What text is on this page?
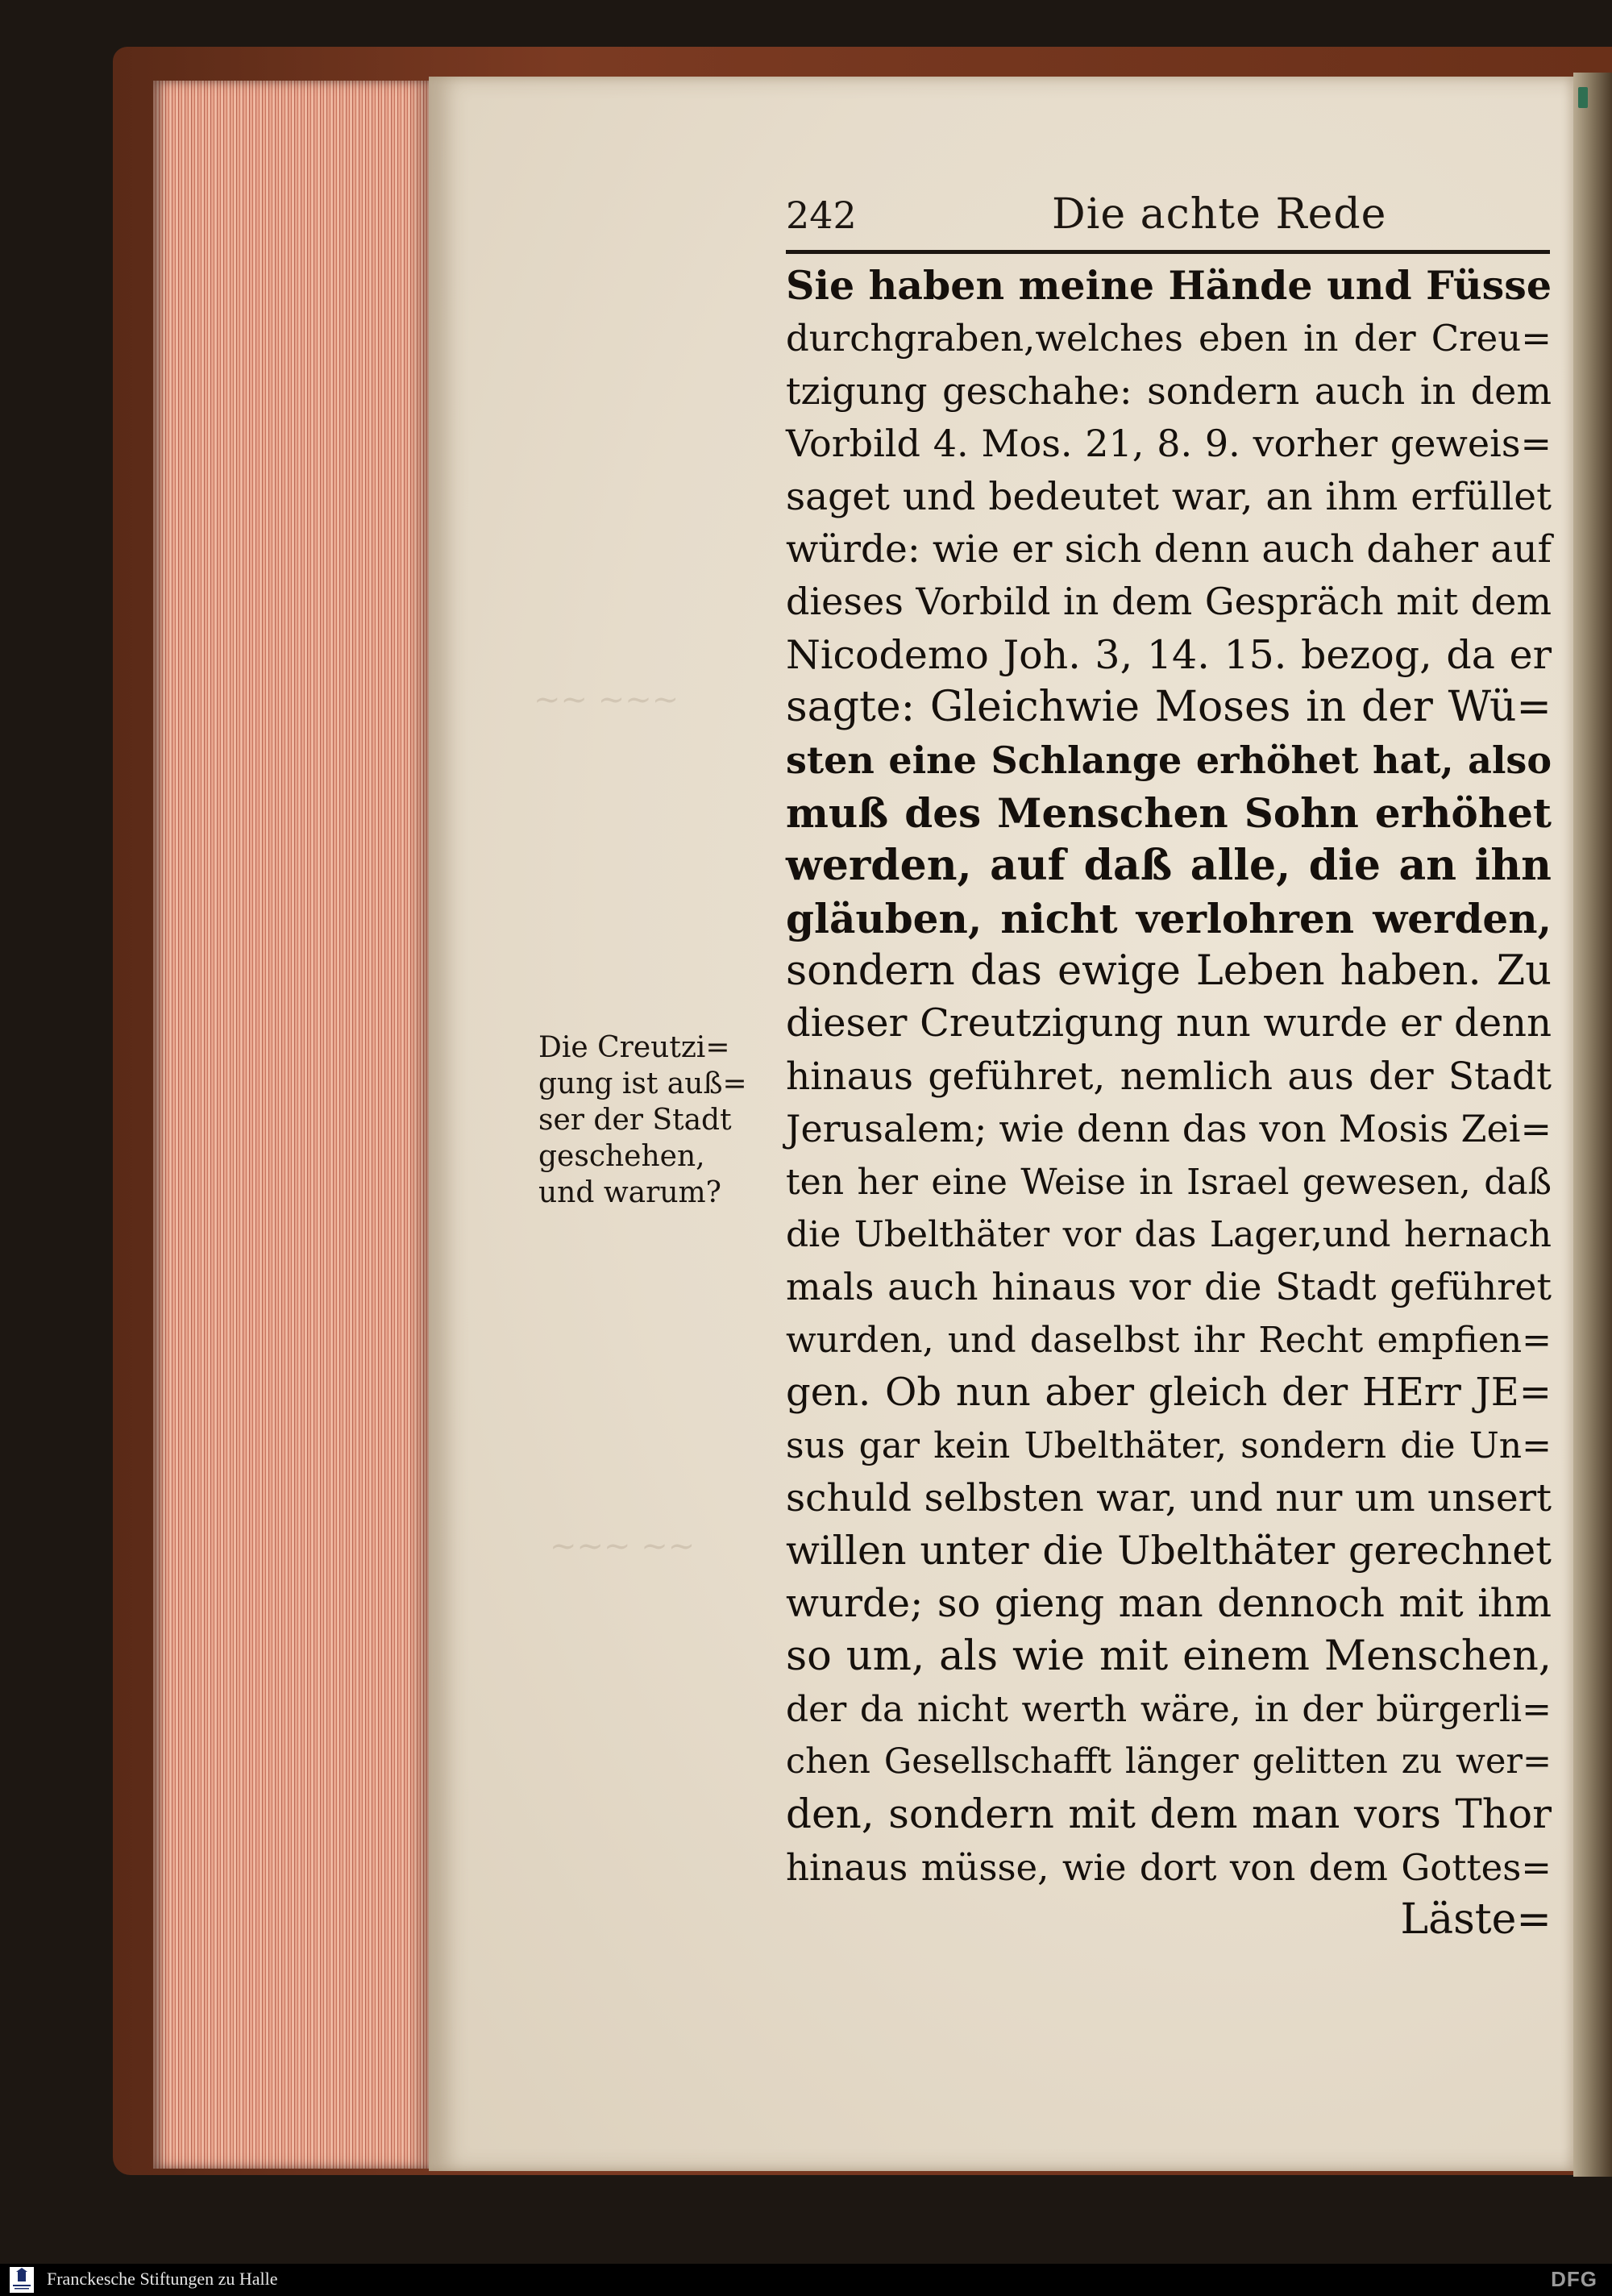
~~ ~~~
~~~ ~~
242	Die achte Rede
Sie haben meine Hände und Füsse
durchgraben,welches eben in der Creu=
tzigung geschahe: sondern auch in dem
Vorbild 4. Mos. 21, 8. 9. vorher geweis=
saget und bedeutet war, an ihm erfüllet
würde: wie er sich denn auch daher auf
dieses Vorbild in dem Gespräch mit dem
Nicodemo Joh. 3, 14. 15. bezog, da er
sagte: Gleichwie Moses in der Wü=
sten eine Schlange erhöhet hat, also
muß des Menschen Sohn erhöhet
werden, auf daß alle, die an ihn
gläuben, nicht verlohren werden,
sondern das ewige Leben haben. Zu
dieser Creutzigung nun wurde er denn
hinaus geführet, nemlich aus der Stadt
Jerusalem; wie denn das von Mosis Zei=
ten her eine Weise in Israel gewesen, daß
die Ubelthäter vor das Lager,und hernach
mals auch hinaus vor die Stadt geführet
wurden, und daselbst ihr Recht empfien=
gen. Ob nun aber gleich der HErr JE=
sus gar kein Ubelthäter, sondern die Un=
schuld selbsten war, und nur um unsert
willen unter die Ubelthäter gerechnet
wurde; so gieng man dennoch mit ihm
so um, als wie mit einem Menschen,
der da nicht werth wäre, in der bürgerli=
chen Gesellschafft länger gelitten zu wer=
den, sondern mit dem man vors Thor
hinaus müsse, wie dort von dem Gottes=
Läste=
Die Creutzi=
gung ist auß=
ser der Stadt
geschehen,
und warum?
Franckesche Stiftungen zu Halle	DFG
